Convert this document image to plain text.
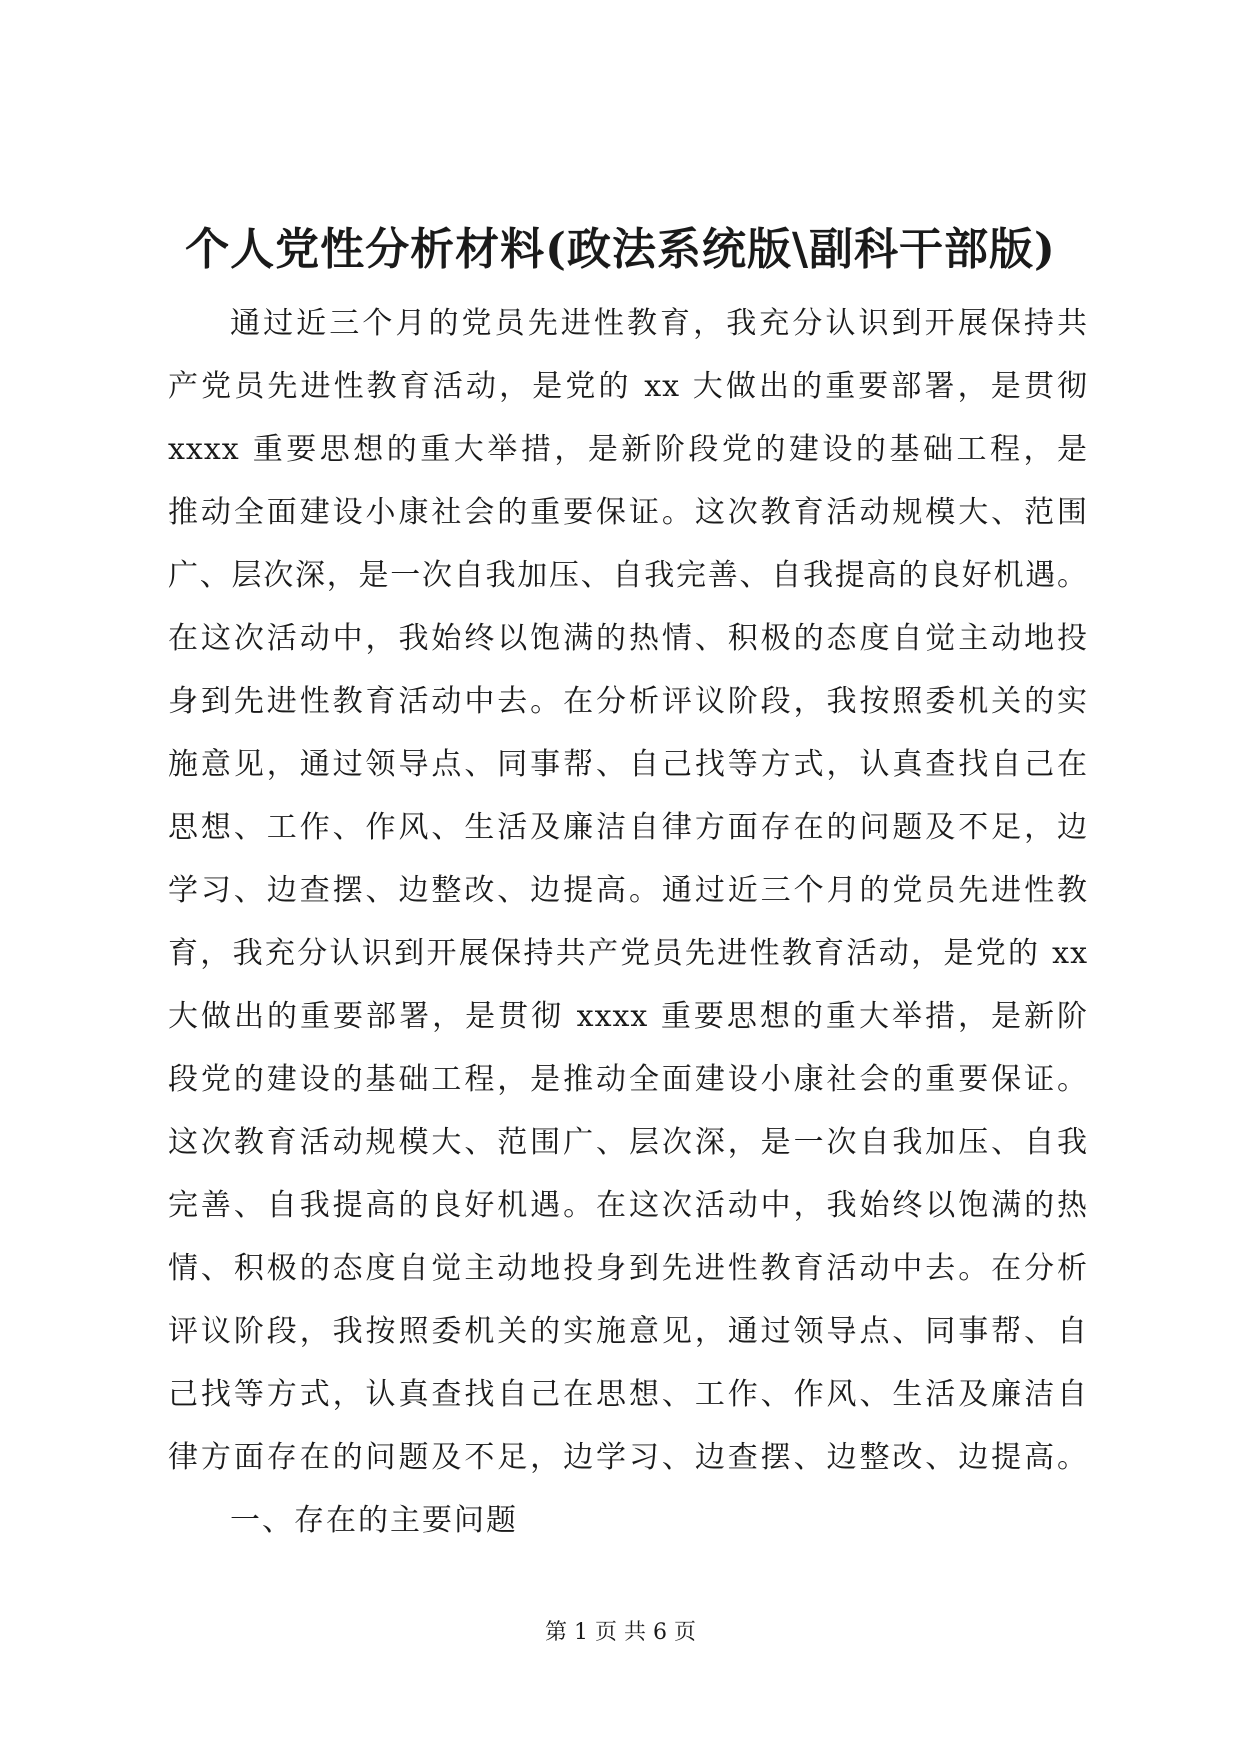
个人党性分析材料(政法系统版\副科干部版)

通过近三个月的党员先进性教育，我充分认识到开展保持共

产党员先进性教育活动，是党的 xx 大做出的重要部署，是贯彻

xxxx 重要思想的重大举措，是新阶段党的建设的基础工程，是

推动全面建设小康社会的重要保证。这次教育活动规模大、范围

广、层次深，是一次自我加压、自我完善、自我提高的良好机遇。

在这次活动中，我始终以饱满的热情、积极的态度自觉主动地投

身到先进性教育活动中去。在分析评议阶段，我按照委机关的实

施意见，通过领导点、同事帮、自己找等方式，认真查找自己在

思想、工作、作风、生活及廉洁自律方面存在的问题及不足，边

学习、边查摆、边整改、边提高。通过近三个月的党员先进性教

育，我充分认识到开展保持共产党员先进性教育活动，是党的 xx

大做出的重要部署，是贯彻 xxxx 重要思想的重大举措，是新阶

段党的建设的基础工程，是推动全面建设小康社会的重要保证。

这次教育活动规模大、范围广、层次深，是一次自我加压、自我

完善、自我提高的良好机遇。在这次活动中，我始终以饱满的热

情、积极的态度自觉主动地投身到先进性教育活动中去。在分析

评议阶段，我按照委机关的实施意见，通过领导点、同事帮、自

己找等方式，认真查找自己在思想、工作、作风、生活及廉洁自

律方面存在的问题及不足，边学习、边查摆、边整改、边提高。

一、存在的主要问题

第 1 页 共 6 页
